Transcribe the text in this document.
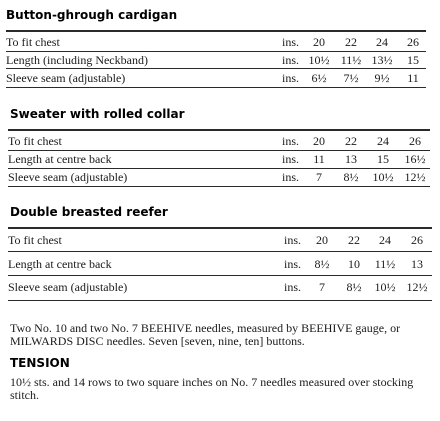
Button-ghrough cardigan
To fit chest	ins.	20	22	24	26
Length (including Neckband)	ins. 10½ 11½ 13½	15
Sleeve seam (adjustable)	ins.	6½	7½	9½	11
Sweater with rolled collar
To fit chest	ins.	20	22	24	26
Length at centre back	ins.	11	13	15	16½
Sleeve seam (adjustable)	ins.	7	8½	10½ 12½
Double breasted reefer
To fit chest	ins.	20	22	24	26
Length at centre back	ins.	8½	10	11½	13
Sleeve seam (adjustable)	ins.	7	8½	10½ 12½
Two No. 10 and two No. 7 BEEHIVE needles, measured by BEEHIVE gauge, or MILWARDS DISC needles. Seven [seven, nine, ten] buttons.
TENSION
10½ sts. and 14 rows to two square inches on No. 7 needles measured over stocking stitch.
